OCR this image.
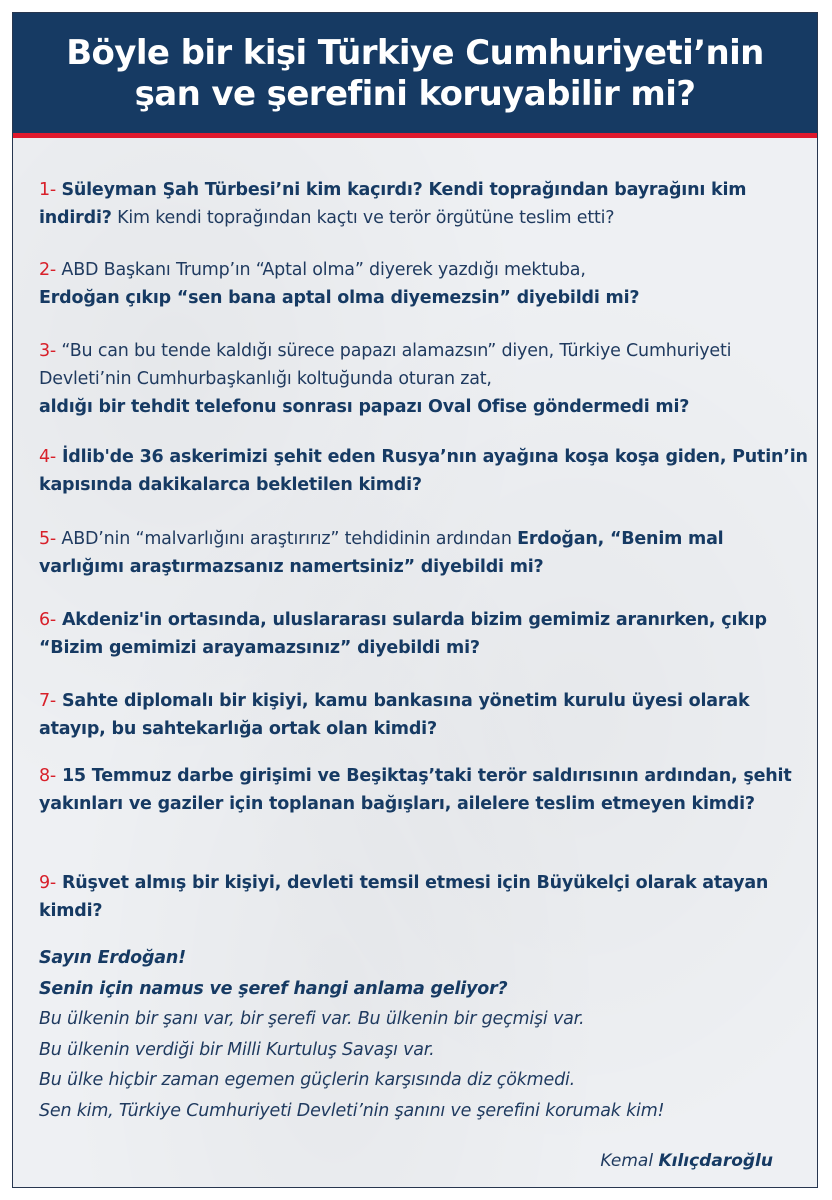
Böyle bir kişi Türkiye Cumhuriyeti’nin
şan ve şerefini koruyabilir mi?

1- Süleyman Şah Türbesi’ni kim kaçırdı? Kendi toprağından bayrağını kim indirdi? Kim kendi toprağından kaçtı ve terör örgütüne teslim etti?

2- ABD Başkanı Trump’ın “Aptal olma” diyerek yazdığı mektuba,
Erdoğan çıkıp “sen bana aptal olma diyemezsin” diyebildi mi?

3- “Bu can bu tende kaldığı sürece papazı alamazsın” diyen, Türkiye Cumhuriyeti Devleti’nin Cumhurbaşkanlığı koltuğunda oturan zat,
aldığı bir tehdit telefonu sonrası papazı Oval Ofise göndermedi mi?

4- İdlib'de 36 askerimizi şehit eden Rusya’nın ayağına koşa koşa giden, Putin’in kapısında dakikalarca bekletilen kimdi?

5- ABD’nin “malvarlığını araştırırız” tehdidinin ardından Erdoğan, “Benim mal varlığımı araştırmazsanız namertsiniz” diyebildi mi?

6- Akdeniz'in ortasında, uluslararası sularda bizim gemimiz aranırken, çıkıp “Bizim gemimizi arayamazsınız” diyebildi mi?

7- Sahte diplomalı bir kişiyi, kamu bankasına yönetim kurulu üyesi olarak atayıp, bu sahtekarlığa ortak olan kimdi?

8- 15 Temmuz darbe girişimi ve Beşiktaş’taki terör saldırısının ardından, şehit yakınları ve gaziler için toplanan bağışları, ailelere teslim etmeyen kimdi?

9- Rüşvet almış bir kişiyi, devleti temsil etmesi için Büyükelçi olarak atayan kimdi?

Sayın Erdoğan!
Senin için namus ve şeref hangi anlama geliyor?
Bu ülkenin bir şanı var, bir şerefi var. Bu ülkenin bir geçmişi var.
Bu ülkenin verdiği bir Milli Kurtuluş Savaşı var.
Bu ülke hiçbir zaman egemen güçlerin karşısında diz çökmedi.
Sen kim, Türkiye Cumhuriyeti Devleti’nin şanını ve şerefini korumak kim!
Kemal Kılıçdaroğlu
